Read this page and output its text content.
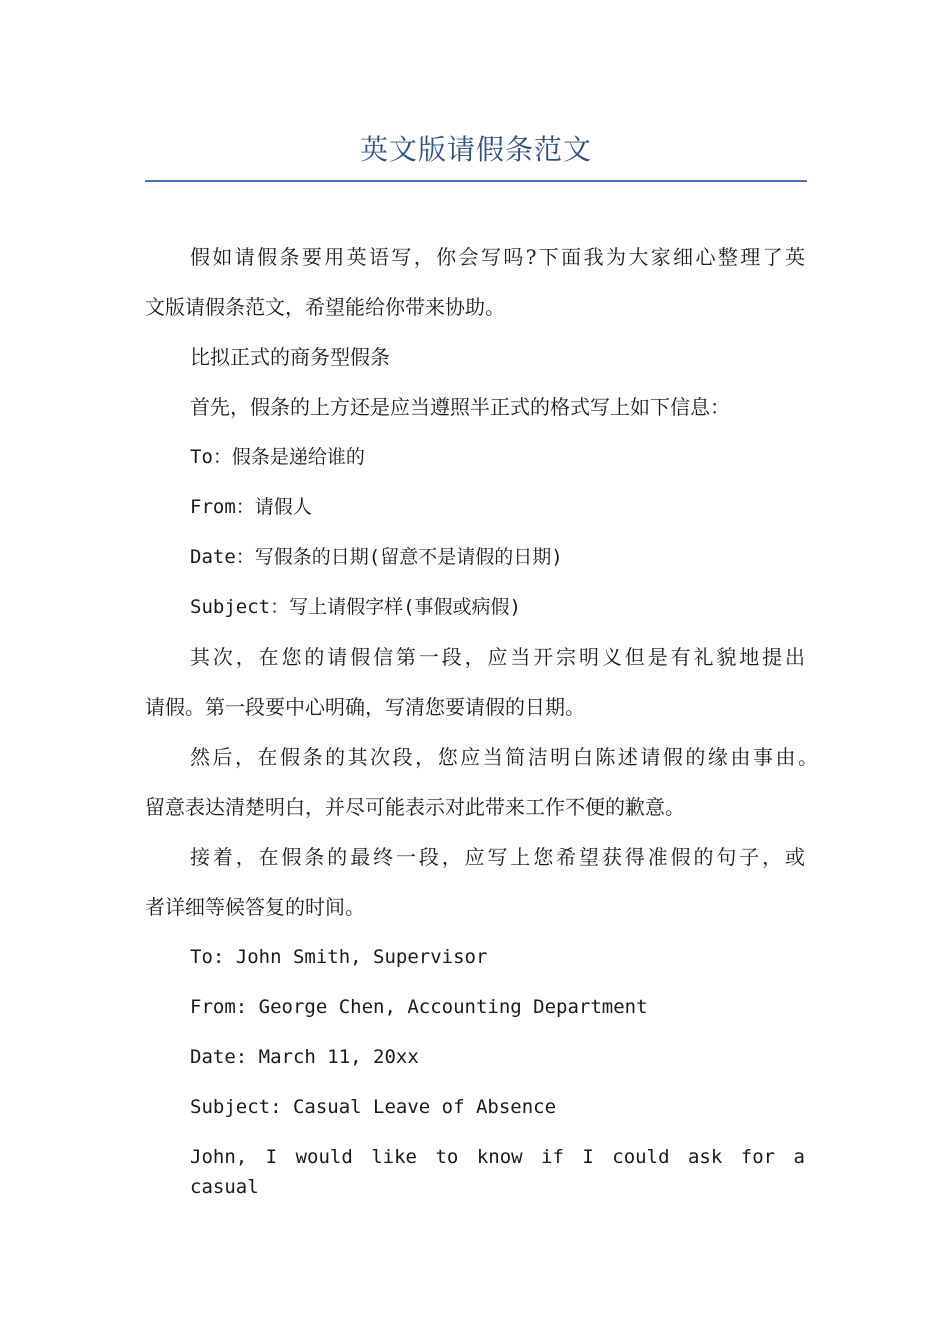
英文版请假条范文
假如请假条要用英语写，你会写吗?下面我为大家细心整理了英
文版请假条范文，希望能给你带来协助。
比拟正式的商务型假条
首先，假条的上方还是应当遵照半正式的格式写上如下信息：
To：假条是递给谁的
From：请假人
Date：写假条的日期(留意不是请假的日期)
Subject：写上请假字样(事假或病假)
其次，在您的请假信第一段，应当开宗明义但是有礼貌地提出
请假。第一段要中心明确，写清您要请假的日期。
然后，在假条的其次段，您应当简洁明白陈述请假的缘由事由。
留意表达清楚明白，并尽可能表示对此带来工作不便的歉意。
接着，在假条的最终一段，应写上您希望获得准假的句子，或
者详细等候答复的时间。
To: John Smith, Supervisor
From: George Chen, Accounting Department
Date: March 11, 20xx
Subject: Casual Leave of Absence
John, I would like to know if I could ask for a casual
